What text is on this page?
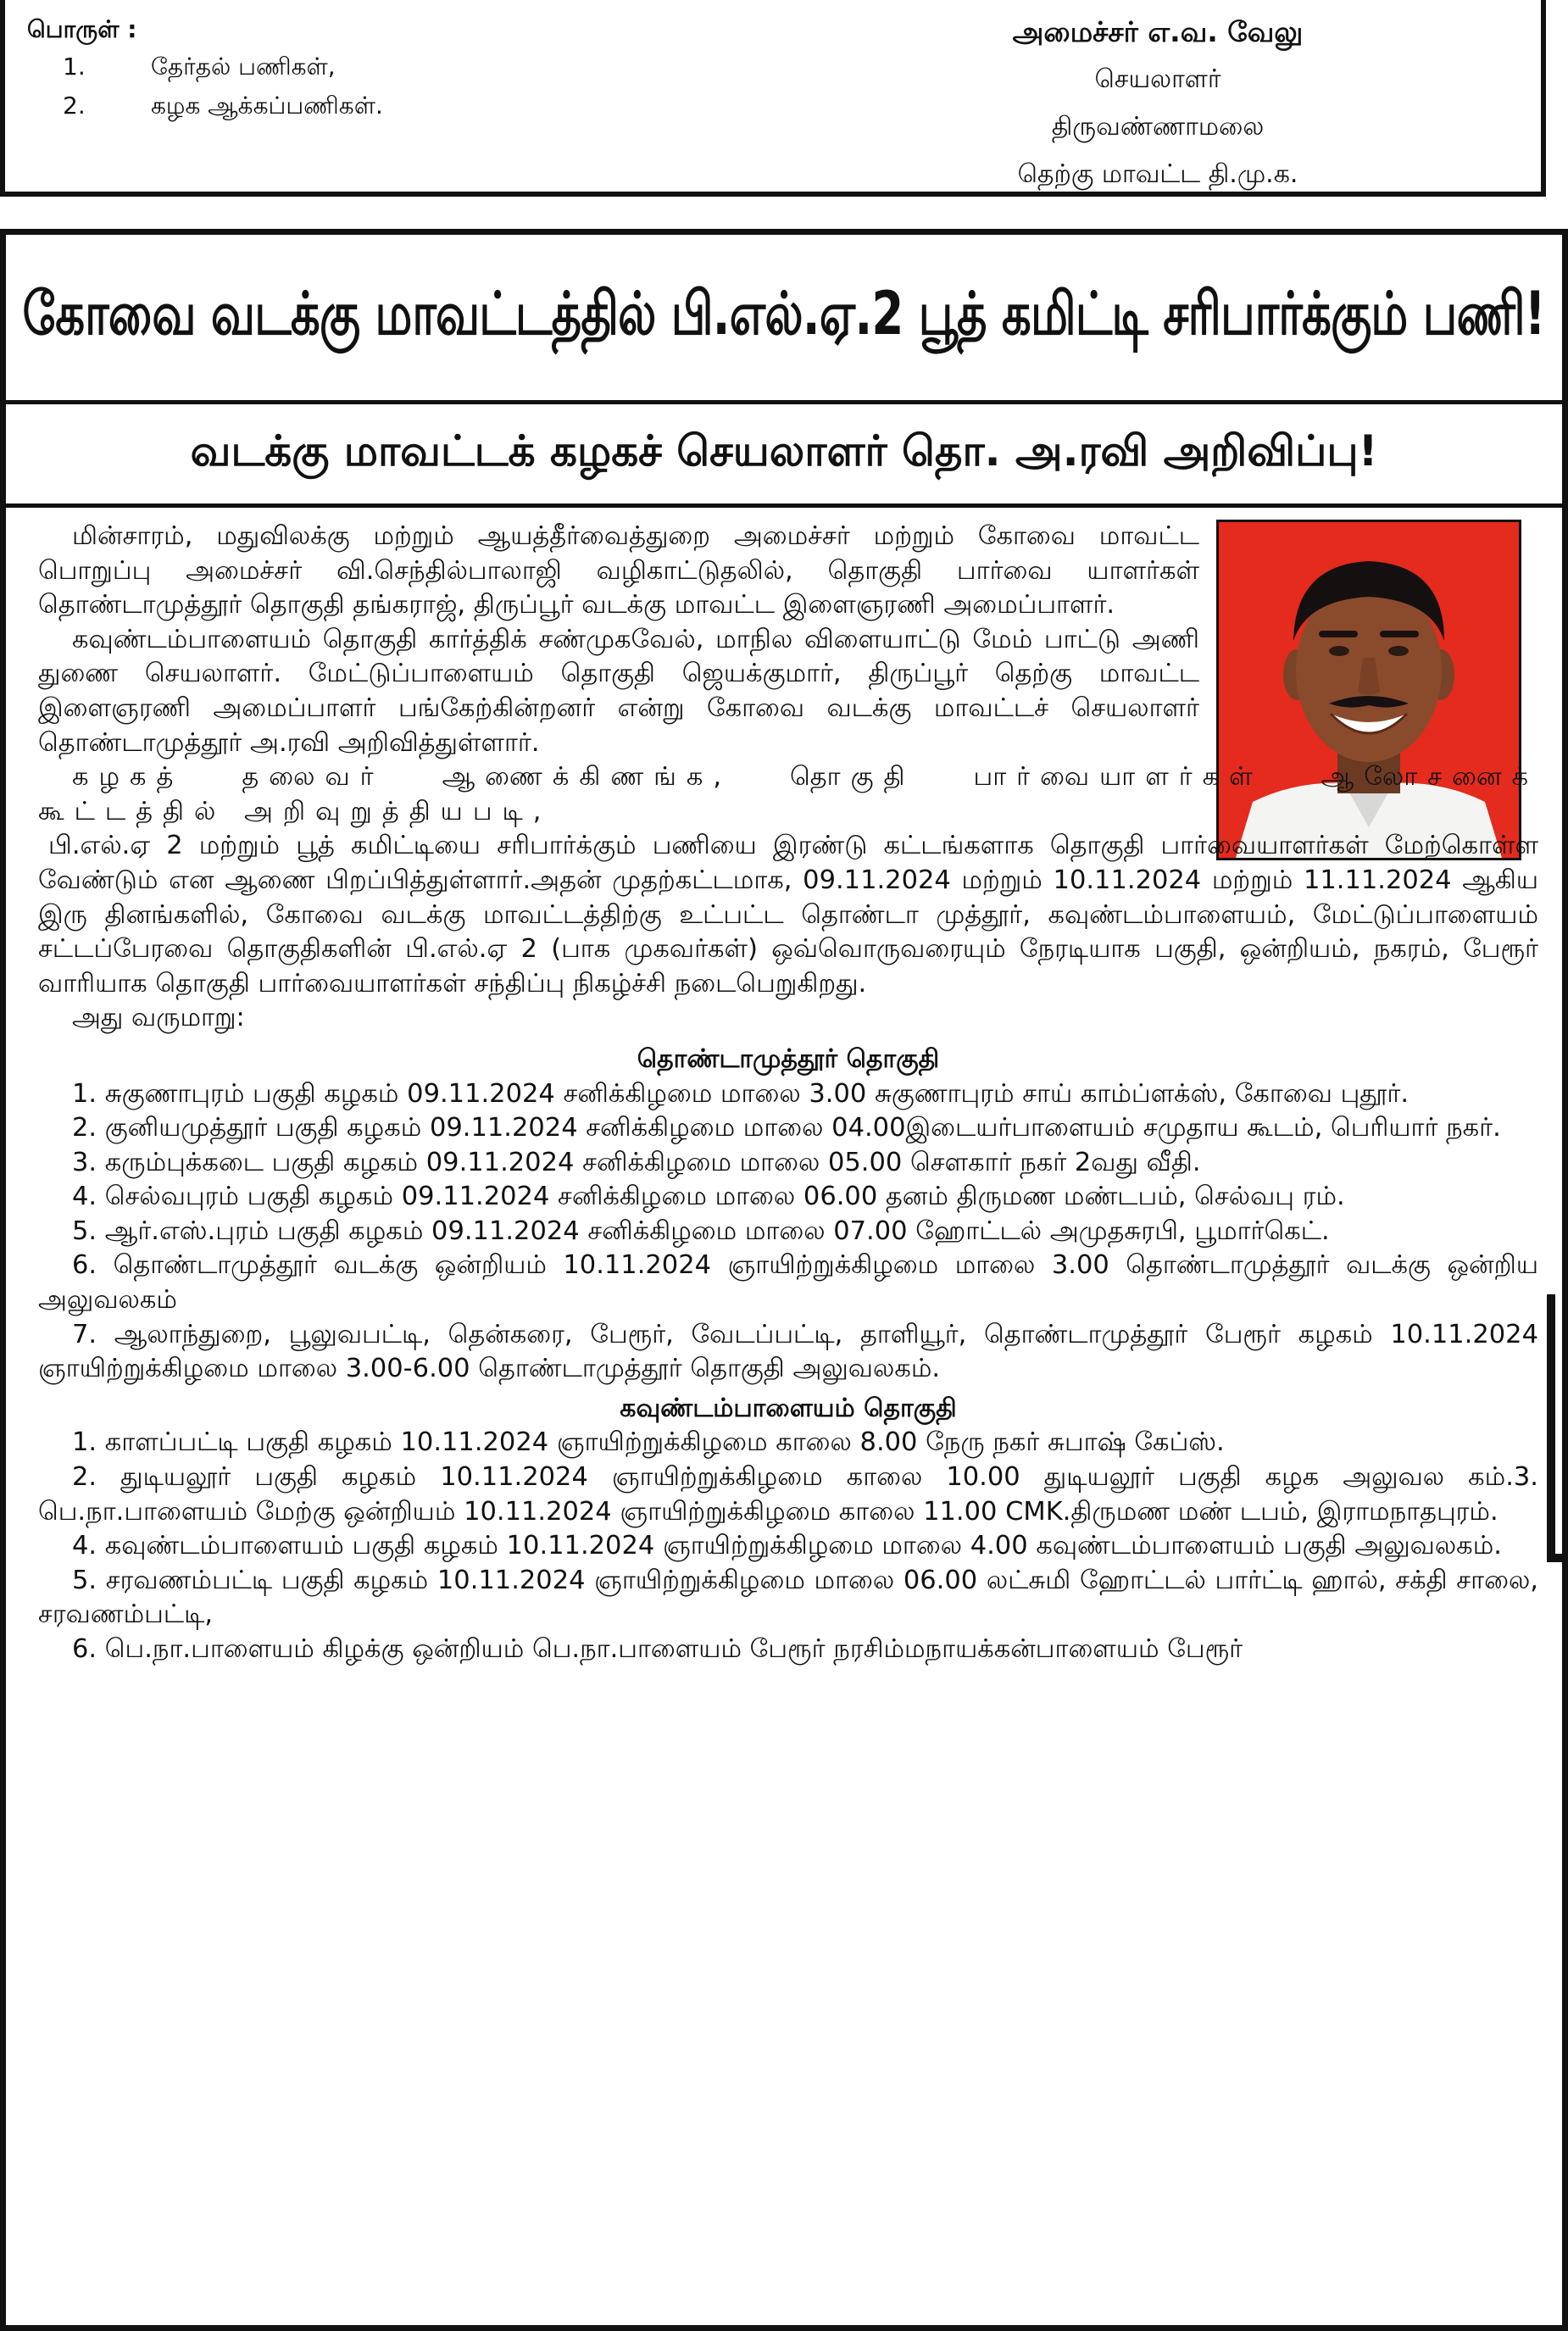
பொருள் :
1.	தேர்தல் பணிகள்,
2.	கழக ஆக்கப்பணிகள்.
அமைச்சர் எ.வ. வேலு
செயலாளர்
திருவண்ணாமலை
தெற்கு மாவட்ட தி.மு.க.
கோவை வடக்கு மாவட்டத்தில் பி.எல்.ஏ.2 பூத் கமிட்டி சரிபார்க்கும் பணி!
வடக்கு மாவட்டக் கழகச் செயலாளர் தொ. அ.ரவி அறிவிப்பு!

மின்சாரம், மதுவிலக்கு மற்றும் ஆயத்தீர்வைத்துறை அமைச்சர் மற்றும் கோவை மாவட்ட பொறுப்பு அமைச்சர் வி.செந்தில்பாலாஜி வழிகாட்டுதலில், தொகுதி பார்வை யாளர்கள் தொண்டாமுத்தூர் தொகுதி தங்கராஜ், திருப்பூர் வடக்கு மாவட்ட இளைஞரணி அமைப்பாளர்.

கவுண்டம்பாளையம் தொகுதி கார்த்திக் சண்முகவேல், மாநில விளையாட்டு மேம் பாட்டு அணி துணை செயலாளர். மேட்டுப்பாளையம் தொகுதி ஜெயக்குமார், திருப்பூர் தெற்கு மாவட்ட இளைஞரணி அமைப்பாளர் பங்கேற்கின்றனர் என்று கோவை வடக்கு மாவட்டச் செயலாளர் தொண்டாமுத்தூர் அ.ரவி அறிவித்துள்ளார்.

கழகத் தலைவர் ஆணைக்கிணங்க, தொகுதி பார்வையாளர்கள் ஆலோசனைக் கூட்டத்தில் அறிவுறுத்தியபடி,

பி.எல்.ஏ 2 மற்றும் பூத் கமிட்டியை சரிபார்க்கும் பணியை இரண்டு கட்டங்களாக தொகுதி பார்வையாளர்கள் மேற்கொள்ள வேண்டும் என ஆணை பிறப்பித்துள்ளார்.அதன் முதற்கட்டமாக, 09.11.2024 மற்றும் 10.11.2024 மற்றும் 11.11.2024 ஆகிய இரு தினங்களில், கோவை வடக்கு மாவட்டத்திற்கு உட்பட்ட தொண்டா முத்தூர், கவுண்டம்பாளையம், மேட்டுப்பாளையம் சட்டப்பேரவை தொகுதிகளின் பி.எல்.ஏ 2 (பாக முகவர்கள்) ஒவ்வொருவரையும் நேரடியாக பகுதி, ஒன்றியம், நகரம், பேரூர் வாரியாக தொகுதி பார்வையாளர்கள் சந்திப்பு நிகழ்ச்சி நடைபெறுகிறது.

அது வருமாறு:

தொண்டாமுத்தூர் தொகுதி

1. சுகுணாபுரம் பகுதி கழகம் 09.11.2024 சனிக்கிழமை மாலை 3.00 சுகுணாபுரம் சாய் காம்ப்ளக்ஸ், கோவை புதூர்.

2. குனியமுத்தூர் பகுதி கழகம் 09.11.2024 சனிக்கிழமை மாலை 04.00இடையர்பாளையம் சமுதாய கூடம், பெரியார் நகர்.

3. கரும்புக்கடை பகுதி கழகம் 09.11.2024 சனிக்கிழமை மாலை 05.00 சௌகார் நகர் 2வது வீதி.

4. செல்வபுரம் பகுதி கழகம் 09.11.2024 சனிக்கிழமை மாலை 06.00 தனம் திருமண மண்டபம், செல்வபு ரம்.

5. ஆர்.எஸ்.புரம் பகுதி கழகம் 09.11.2024 சனிக்கிழமை மாலை 07.00 ஹோட்டல் அமுதசுரபி, பூமார்கெட்.

6. தொண்டாமுத்தூர் வடக்கு ஒன்றியம் 10.11.2024 ஞாயிற்றுக்கிழமை மாலை 3.00 தொண்டாமுத்தூர் வடக்கு ஒன்றிய அலுவலகம்

7. ஆலாந்துறை, பூலுவபட்டி, தென்கரை, பேரூர், வேடப்பட்டி, தாளியூர், தொண்டாமுத்தூர் பேரூர் கழகம் 10.11.2024 ஞாயிற்றுக்கிழமை மாலை 3.00-6.00 தொண்டாமுத்தூர் தொகுதி அலுவலகம்.

கவுண்டம்பாளையம் தொகுதி

1. காளப்பட்டி பகுதி கழகம் 10.11.2024 ஞாயிற்றுக்கிழமை காலை 8.00 நேரு நகர் சுபாஷ் கேப்ஸ்.

2. துடியலூர் பகுதி கழகம் 10.11.2024 ஞாயிற்றுக்கிழமை காலை 10.00 துடியலூர் பகுதி கழக அலுவல கம்.3. பெ.நா.பாளையம் மேற்கு ஒன்றியம் 10.11.2024 ஞாயிற்றுக்கிழமை காலை 11.00 CMK.திருமண மண் டபம், இராமநாதபுரம்.

4. கவுண்டம்பாளையம் பகுதி கழகம் 10.11.2024 ஞாயிற்றுக்கிழமை மாலை 4.00 கவுண்டம்பாளையம் பகுதி அலுவலகம்.

5. சரவணம்பட்டி பகுதி கழகம் 10.11.2024 ஞாயிற்றுக்கிழமை மாலை 06.00 லட்சுமி ஹோட்டல் பார்ட்டி ஹால், சக்தி சாலை, சரவணம்பட்டி,

6. பெ.நா.பாளையம் கிழக்கு ஒன்றியம் பெ.நா.பாளையம் பேரூர் நரசிம்மநாயக்கன்பாளையம் பேரூர்
